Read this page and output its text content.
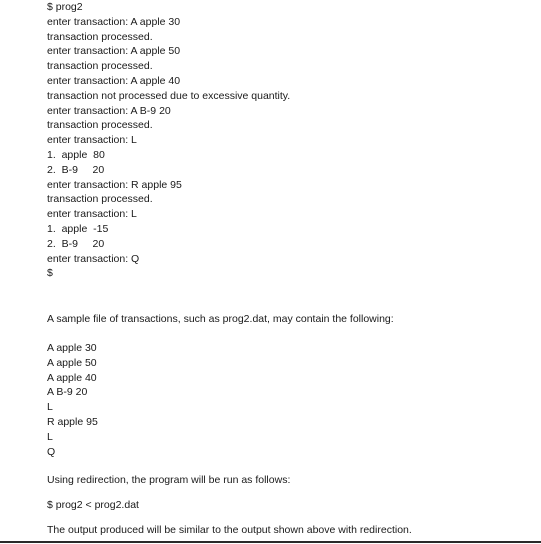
$ prog2
enter transaction: A apple 30
transaction processed.
enter transaction: A apple 50
transaction processed.
enter transaction: A apple 40
transaction not processed due to excessive quantity.
enter transaction: A B-9 20
transaction processed.
enter transaction: L
1.  apple  80
2.  B-9     20
enter transaction: R apple 95
transaction processed.
enter transaction: L
1.  apple  -15
2.  B-9     20
enter transaction: Q
$
A sample file of transactions, such as prog2.dat, may contain the following:
A apple 30
A apple 50
A apple 40
A B-9 20
L
R apple 95
L
Q
Using redirection, the program will be run as follows:
$ prog2 < prog2.dat
The output produced will be similar to the output shown above with redirection.
